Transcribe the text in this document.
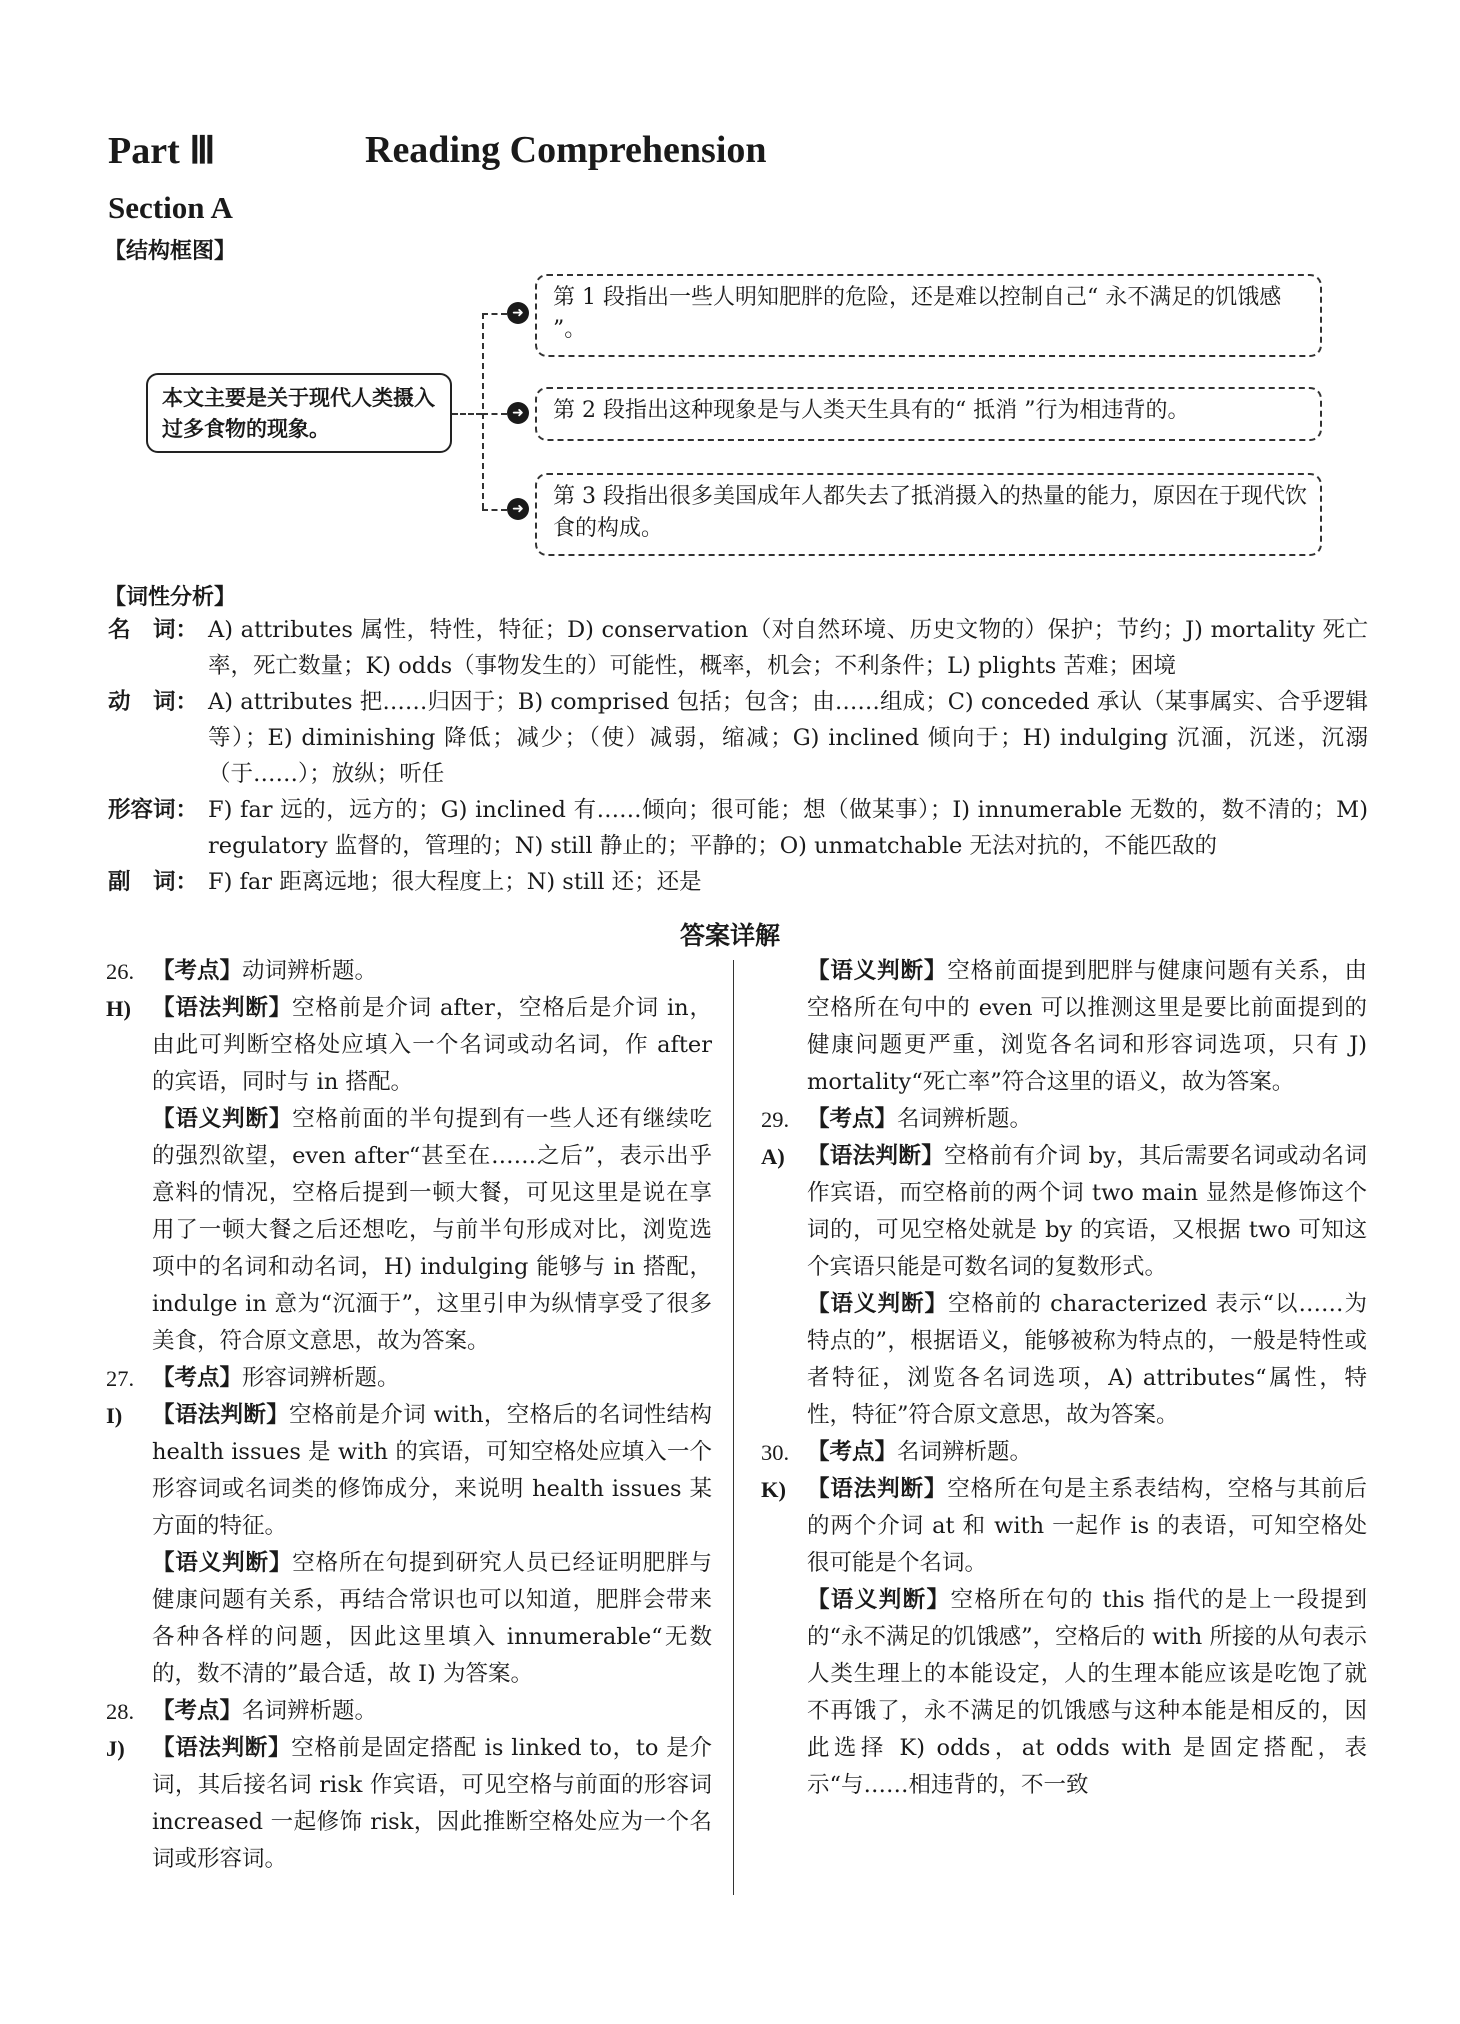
Part Ⅲ	Reading Comprehension
Section A
【结构框图】
本文主要是关于现代人类摄入过多食物的现象。
➜
➜
➜
第 1 段指出一些人明知肥胖的危险，还是难以控制自己“ 永不满足的饥饿感 ”。
第 2 段指出这种现象是与人类天生具有的“ 抵消 ”行为相违背的。
第 3 段指出很多美国成年人都失去了抵消摄入的热量的能力，原因在于现代饮食的构成。
【词性分析】
名　词： A) attributes 属性，特性，特征；D) conservation（对自然环境、历史文物的）保护；节约；J) mortality 死亡率，死亡数量；K) odds（事物发生的）可能性，概率，机会；不利条件；L) plights 苦难；困境
动　词： A) attributes 把……归因于；B) comprised 包括；包含；由……组成；C) conceded 承认（某事属实、合乎逻辑等）；E) diminishing 降低；减少；（使）减弱，缩减；G) inclined 倾向于；H) indulging 沉湎，沉迷，沉溺（于……）；放纵；听任
形容词： F) far 远的，远方的；G) inclined 有……倾向；很可能；想（做某事）；I) innumerable 无数的，数不清的；M) regulatory 监督的，管理的；N) still 静止的；平静的；O) unmatchable 无法对抗的，不能匹敌的
副　词： F) far 距离远地；很大程度上；N) still 还；还是
答案详解
26. 【考点】动词辨析题。
H) 【语法判断】空格前是介词 after，空格后是介词 in，由此可判断空格处应填入一个名词或动名词，作 after 的宾语，同时与 in 搭配。
【语义判断】空格前面的半句提到有一些人还有继续吃的强烈欲望，even after“甚至在……之后”，表示出乎意料的情况，空格后提到一顿大餐，可见这里是说在享用了一顿大餐之后还想吃，与前半句形成对比，浏览选项中的名词和动名词，H) indulging 能够与 in 搭配，indulge in 意为“沉湎于”，这里引申为纵情享受了很多美食，符合原文意思，故为答案。
27. 【考点】形容词辨析题。
I) 【语法判断】空格前是介词 with，空格后的名词性结构 health issues 是 with 的宾语，可知空格处应填入一个形容词或名词类的修饰成分，来说明 health issues 某方面的特征。
【语义判断】空格所在句提到研究人员已经证明肥胖与健康问题有关系，再结合常识也可以知道，肥胖会带来各种各样的问题，因此这里填入 innumerable“无数的，数不清的”最合适，故 I) 为答案。
28. 【考点】名词辨析题。
J) 【语法判断】空格前是固定搭配 is linked to，to 是介词，其后接名词 risk 作宾语，可见空格与前面的形容词 increased 一起修饰 risk，因此推断空格处应为一个名词或形容词。
【语义判断】空格前面提到肥胖与健康问题有关系，由空格所在句中的 even 可以推测这里是要比前面提到的健康问题更严重，浏览各名词和形容词选项，只有 J) mortality“死亡率”符合这里的语义，故为答案。
29. 【考点】名词辨析题。
A) 【语法判断】空格前有介词 by，其后需要名词或动名词作宾语，而空格前的两个词 two main 显然是修饰这个词的，可见空格处就是 by 的宾语，又根据 two 可知这个宾语只能是可数名词的复数形式。
【语义判断】空格前的 characterized 表示“以……为特点的”，根据语义，能够被称为特点的，一般是特性或者特征，浏览各名词选项，A) attributes“属性，特性，特征”符合原文意思，故为答案。
30. 【考点】名词辨析题。
K) 【语法判断】空格所在句是主系表结构，空格与其前后的两个介词 at 和 with 一起作 is 的表语，可知空格处很可能是个名词。
【语义判断】空格所在句的 this 指代的是上一段提到的“永不满足的饥饿感”，空格后的 with 所接的从句表示人类生理上的本能设定，人的生理本能应该是吃饱了就不再饿了，永不满足的饥饿感与这种本能是相反的，因此选择 K) odds，at odds with 是固定搭配，表示“与……相违背的，不一致
